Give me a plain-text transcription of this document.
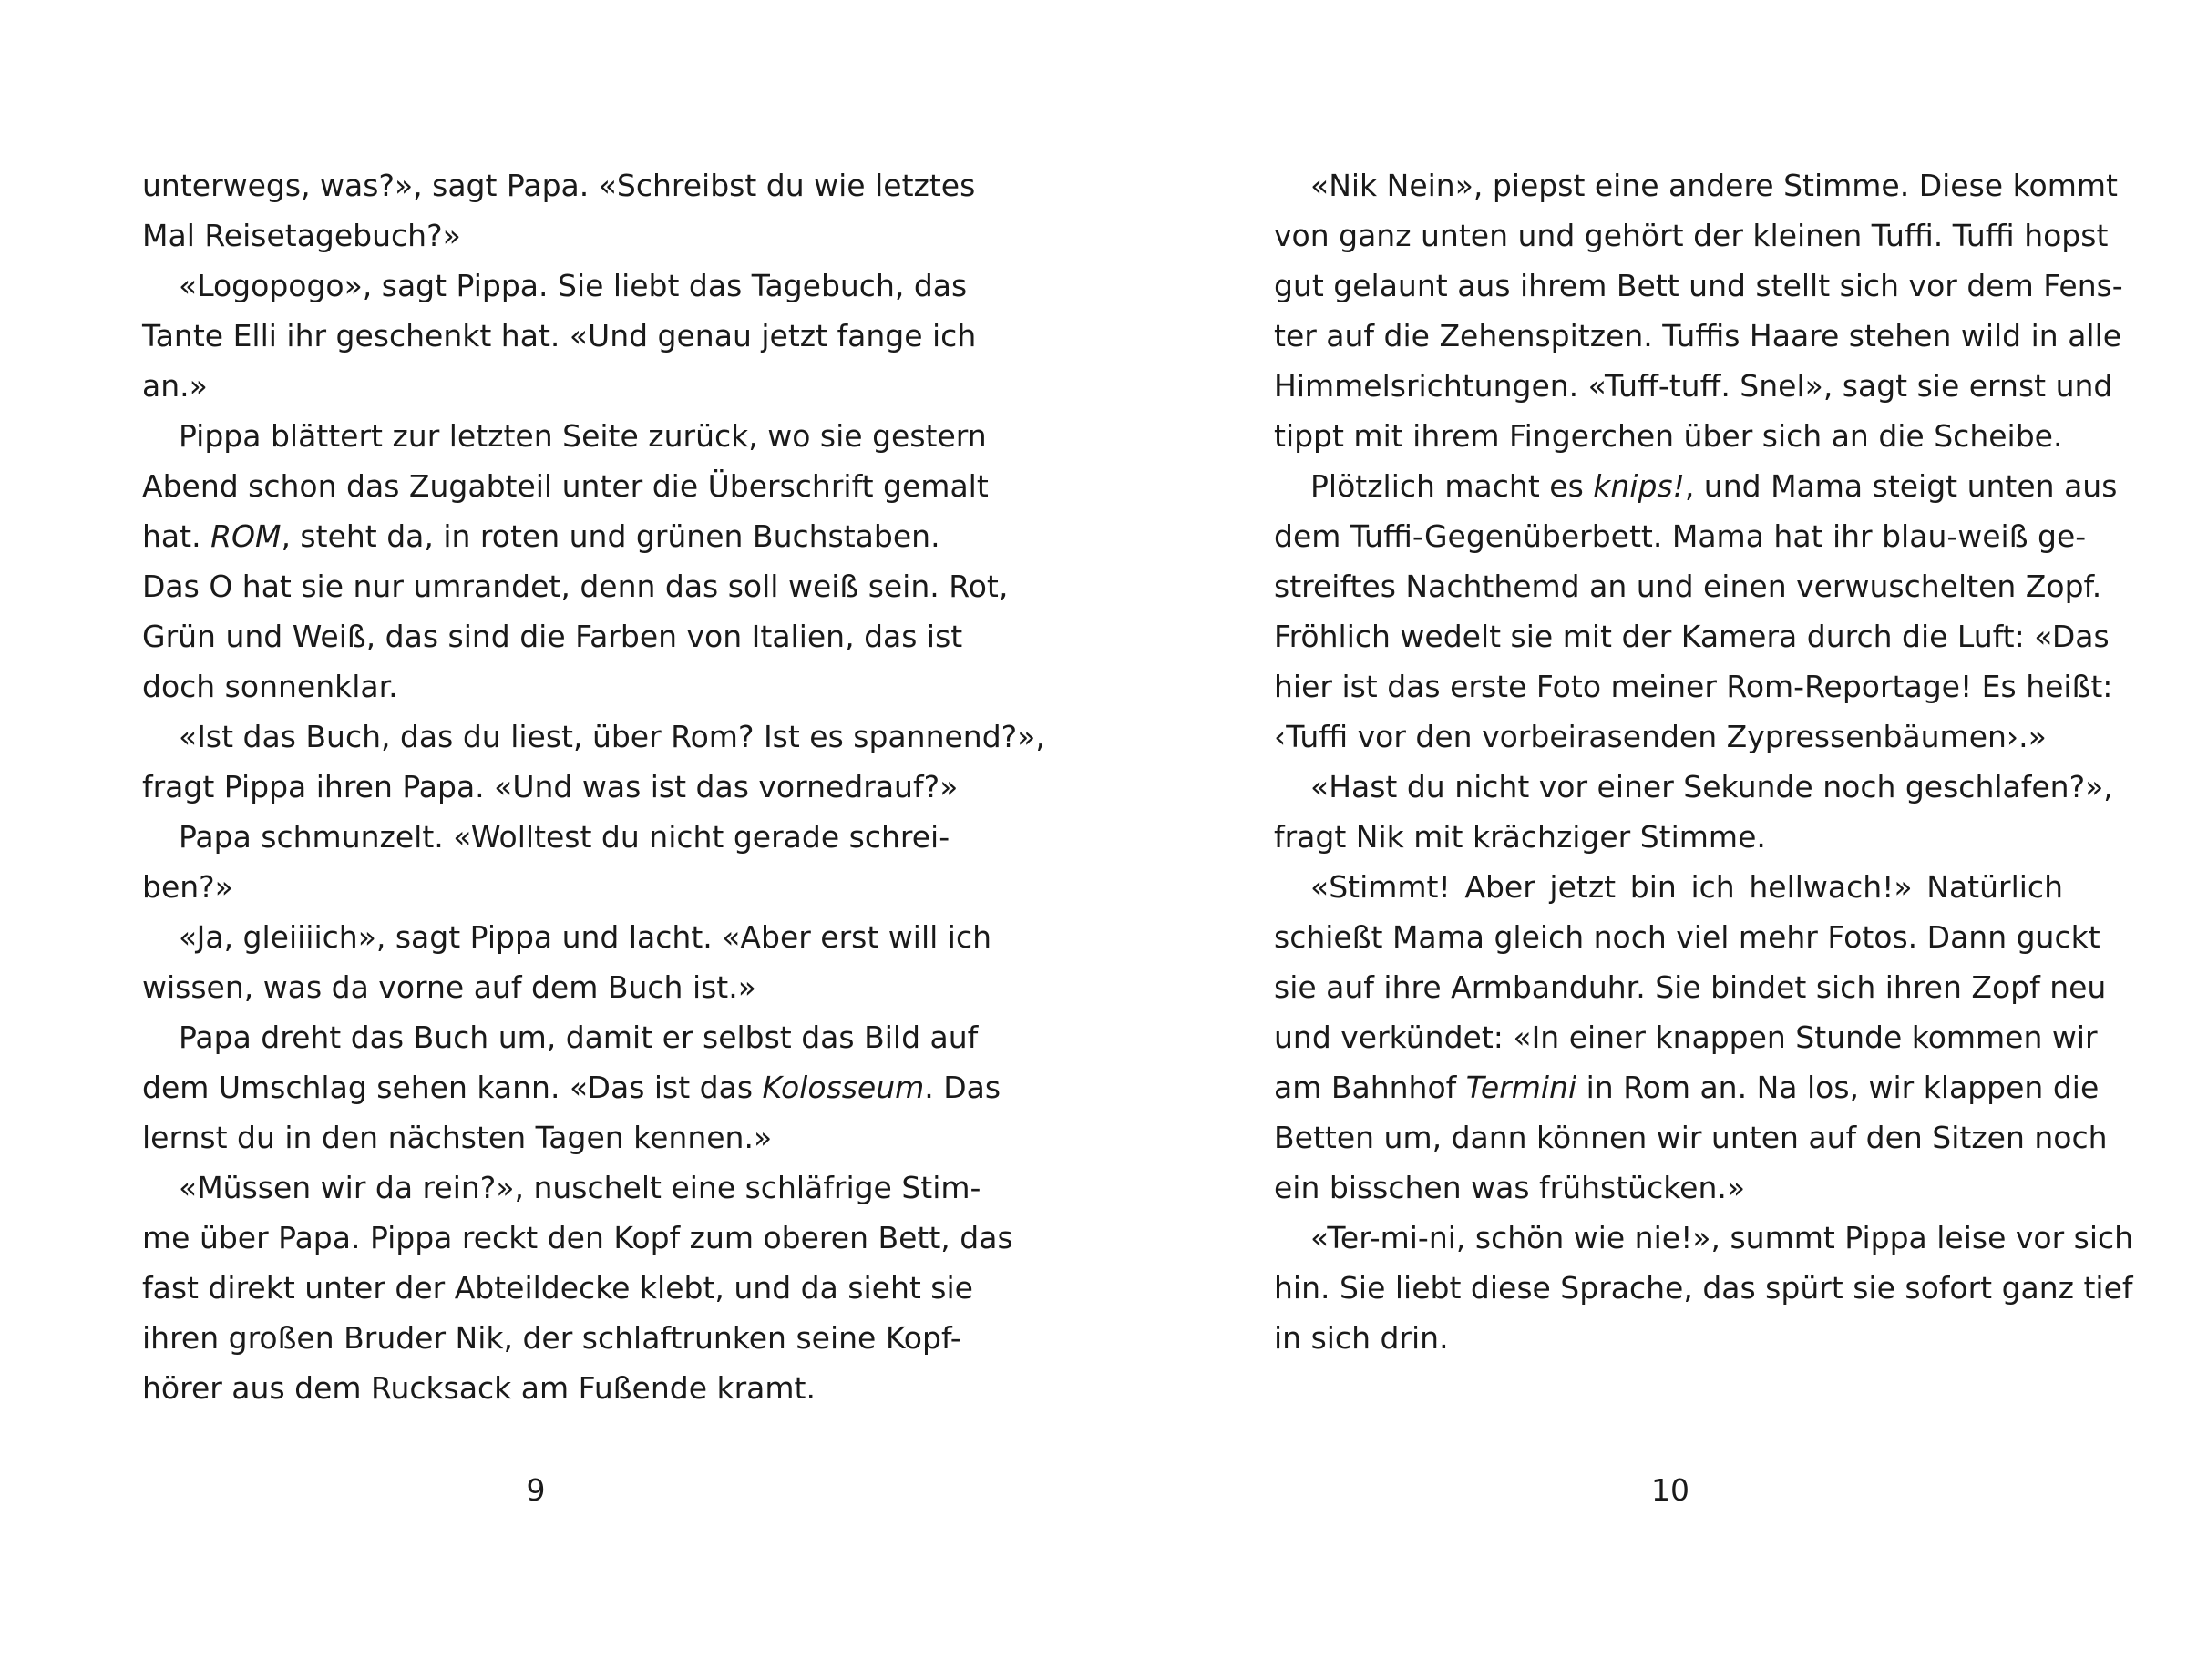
unterwegs, was?», sagt Papa. «Schreibst du wie letztes
Mal Reisetagebuch?»
«Logopogo», sagt Pippa. Sie liebt das Tagebuch, das
Tante Elli ihr geschenkt hat. «Und genau jetzt fange ich
an.»
Pippa blättert zur letzten Seite zurück, wo sie gestern
Abend schon das Zugabteil unter die Überschrift gemalt
hat. ROM, steht da, in roten und grünen Buchstaben.
Das O hat sie nur umrandet, denn das soll weiß sein. Rot,
Grün und Weiß, das sind die Farben von Italien, das ist
doch sonnenklar.
«Ist das Buch, das du liest, über Rom? Ist es spannend?»,
fragt Pippa ihren Papa. «Und was ist das vornedrauf?»
Papa schmunzelt. «Wolltest du nicht gerade schrei-
ben?»
«Ja, gleiiiich», sagt Pippa und lacht. «Aber erst will ich
wissen, was da vorne auf dem Buch ist.»
Papa dreht das Buch um, damit er selbst das Bild auf
dem Umschlag sehen kann. «Das ist das Kolosseum. Das
lernst du in den nächsten Tagen kennen.»
«Müssen wir da rein?», nuschelt eine schläfrige Stim-
me über Papa. Pippa reckt den Kopf zum oberen Bett, das
fast direkt unter der Abteildecke klebt, und da sieht sie
ihren großen Bruder Nik, der schlaftrunken seine Kopf-
hörer aus dem Rucksack am Fußende kramt.
9
«Nik Nein», piepst eine andere Stimme. Diese kommt
von ganz unten und gehört der kleinen Tuffi. Tuffi hopst
gut gelaunt aus ihrem Bett und stellt sich vor dem Fens-
ter auf die Zehenspitzen. Tuffis Haare stehen wild in alle
Himmelsrichtungen. «Tuff-tuff. Snel», sagt sie ernst und
tippt mit ihrem Fingerchen über sich an die Scheibe.
Plötzlich macht es knips!, und Mama steigt unten aus
dem Tuffi-Gegenüberbett. Mama hat ihr blau-weiß ge-
streiftes Nachthemd an und einen verwuschelten Zopf.
Fröhlich wedelt sie mit der Kamera durch die Luft: «Das
hier ist das erste Foto meiner Rom-Reportage! Es heißt:
‹Tuffi vor den vorbeirasenden Zypressenbäumen›.»
«Hast du nicht vor einer Sekunde noch geschlafen?»,
fragt Nik mit krächziger Stimme.
«Stimmt! Aber jetzt bin ich hellwach!» Natürlich
schießt Mama gleich noch viel mehr Fotos. Dann guckt
sie auf ihre Armbanduhr. Sie bindet sich ihren Zopf neu
und verkündet: «In einer knappen Stunde kommen wir
am Bahnhof Termini in Rom an. Na los, wir klappen die
Betten um, dann können wir unten auf den Sitzen noch
ein bisschen was frühstücken.»
«Ter-mi-ni, schön wie nie!», summt Pippa leise vor sich
hin. Sie liebt diese Sprache, das spürt sie sofort ganz tief
in sich drin.
10
